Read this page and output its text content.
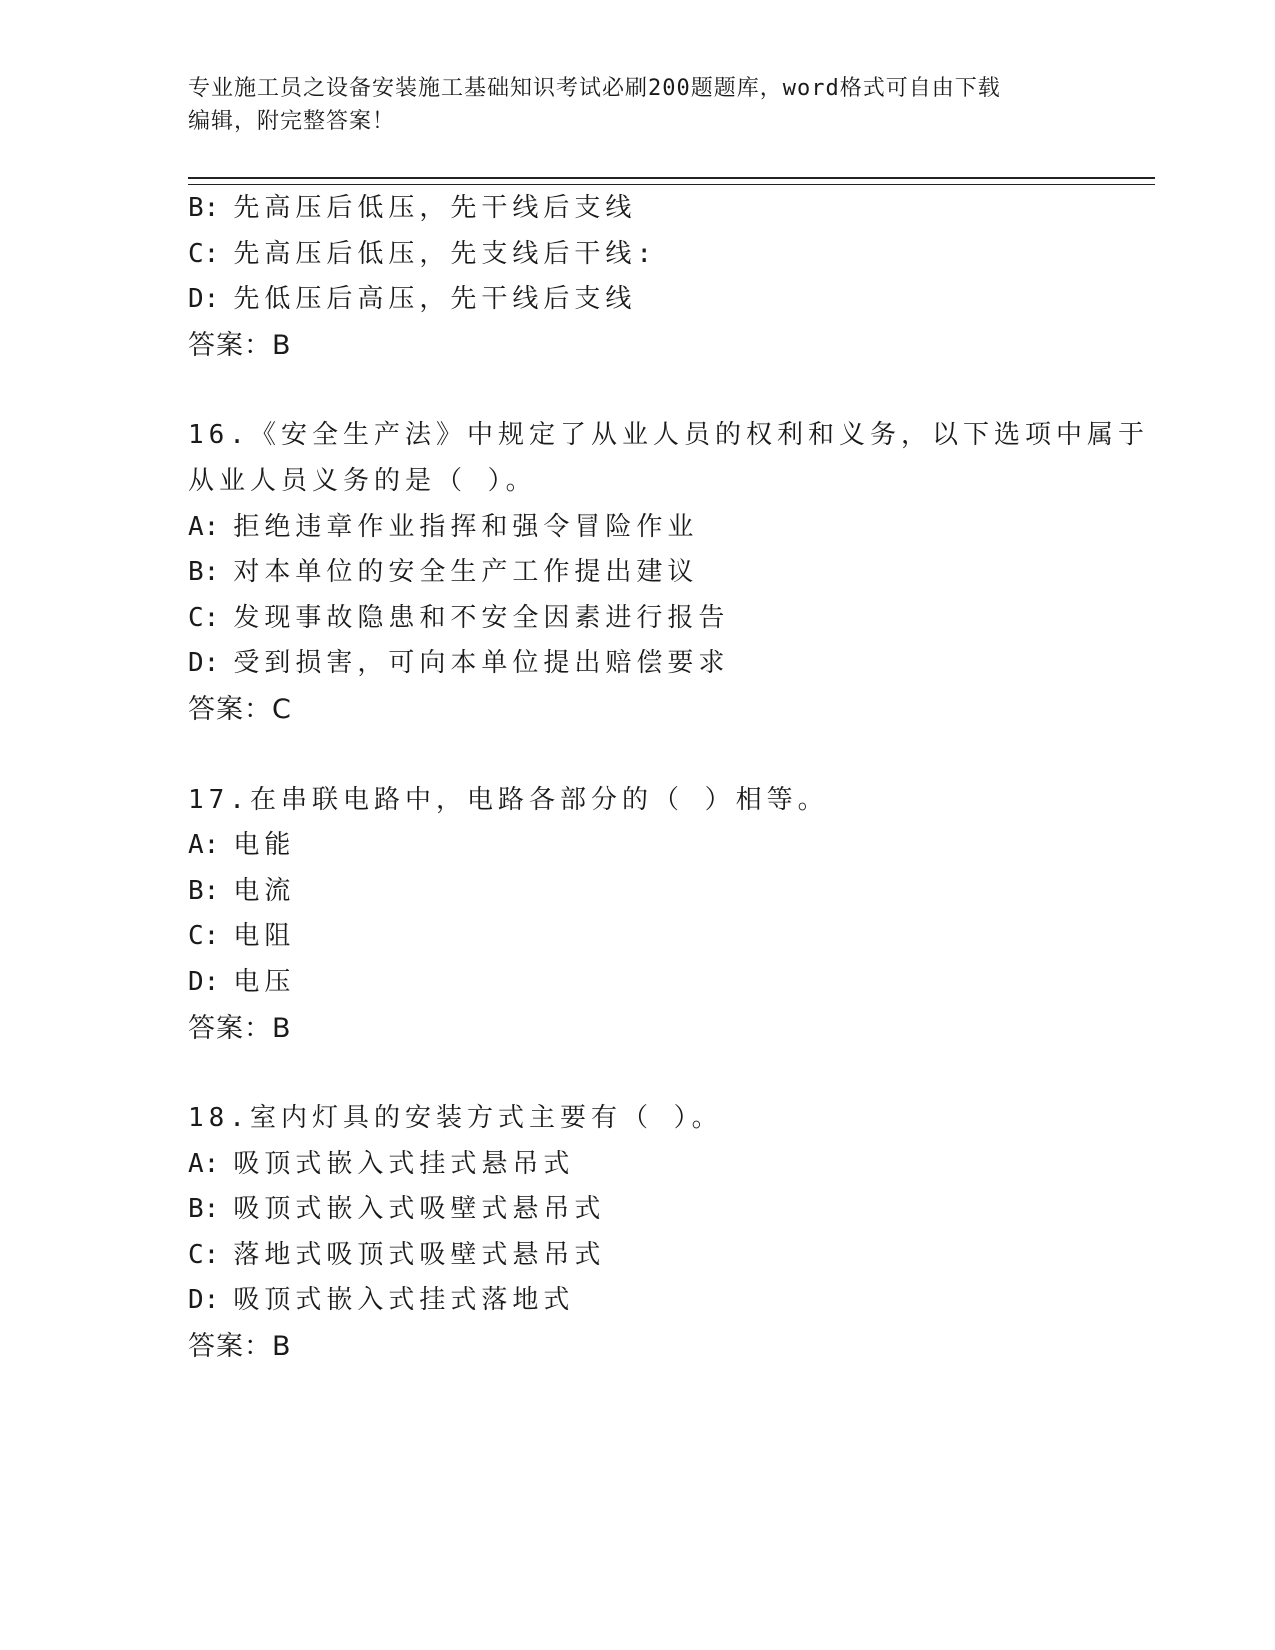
专业施工员之设备安装施工基础知识考试必刷200题题库，word格式可自由下载
编辑，附完整答案！
B: 先高压后低压，先干线后支线
C: 先高压后低压，先支线后干线:
D: 先低压后高压，先干线后支线
答案：B
16.《安全生产法》中规定了从业人员的权利和义务，以下选项中属于
从业人员义务的是（ ）。
A: 拒绝违章作业指挥和强令冒险作业
B: 对本单位的安全生产工作提出建议
C: 发现事故隐患和不安全因素进行报告
D: 受到损害，可向本单位提出赔偿要求
答案：C
17.在串联电路中，电路各部分的（ ）相等。
A: 电能
B: 电流
C: 电阻
D: 电压
答案：B
18.室内灯具的安装方式主要有（ ）。
A: 吸顶式嵌入式挂式悬吊式
B: 吸顶式嵌入式吸壁式悬吊式
C: 落地式吸顶式吸壁式悬吊式
D: 吸顶式嵌入式挂式落地式
答案：B
